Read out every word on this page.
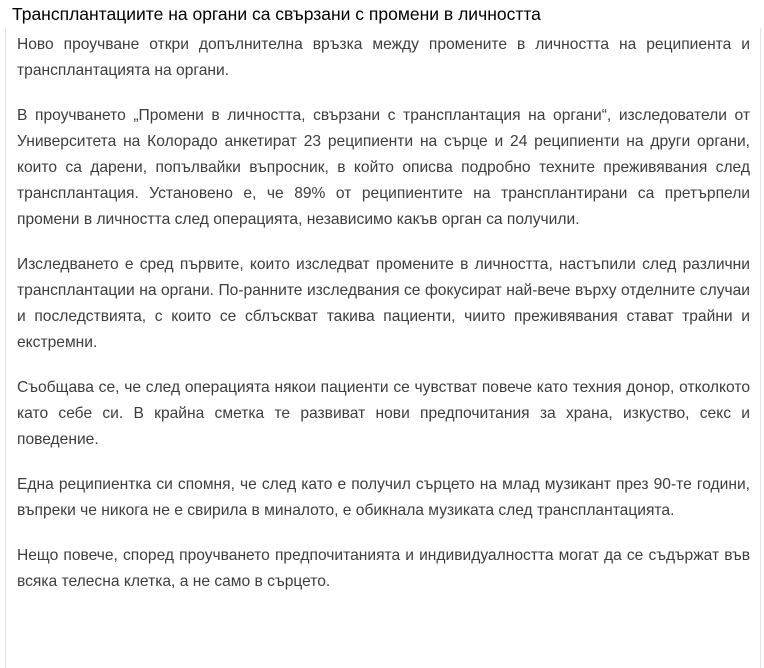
Трансплантациите на органи са свързани с промени в личността

Ново проучване откри допълнителна връзка между промените в личността на реципиента и трансплантацията на органи.

В проучването „Промени в личността, свързани с трансплантация на органи“, изследователи от Университета на Колорадо анкетират 23 реципиенти на сърце и 24 реципиенти на други органи, които са дарени, попълвайки въпросник, в който описва подробно техните преживявания след трансплантация. Установено е, че 89% от реципиентите на трансплантирани са претърпели промени в личността след операцията, независимо какъв орган са получили.

Изследването е сред първите, които изследват промените в личността, настъпили след различни трансплантации на органи. По-ранните изследвания се фокусират най-вече върху отделните случаи и последствията, с които се сблъскват такива пациенти, чиито преживявания стават трайни и екстремни.

Съобщава се, че след операцията някои пациенти се чувстват повече като техния донор, отколкото като себе си. В крайна сметка те развиват нови предпочитания за храна, изкуство, секс и поведение.

Една реципиентка си спомня, че след като е получил сърцето на млад музикант през 90-те години, въпреки че никога не е свирила в миналото, е обикнала музиката след трансплантацията.

Нещо повече, според проучването предпочитанията и индивидуалността могат да се съдържат във всяка телесна клетка, а не само в сърцето.
